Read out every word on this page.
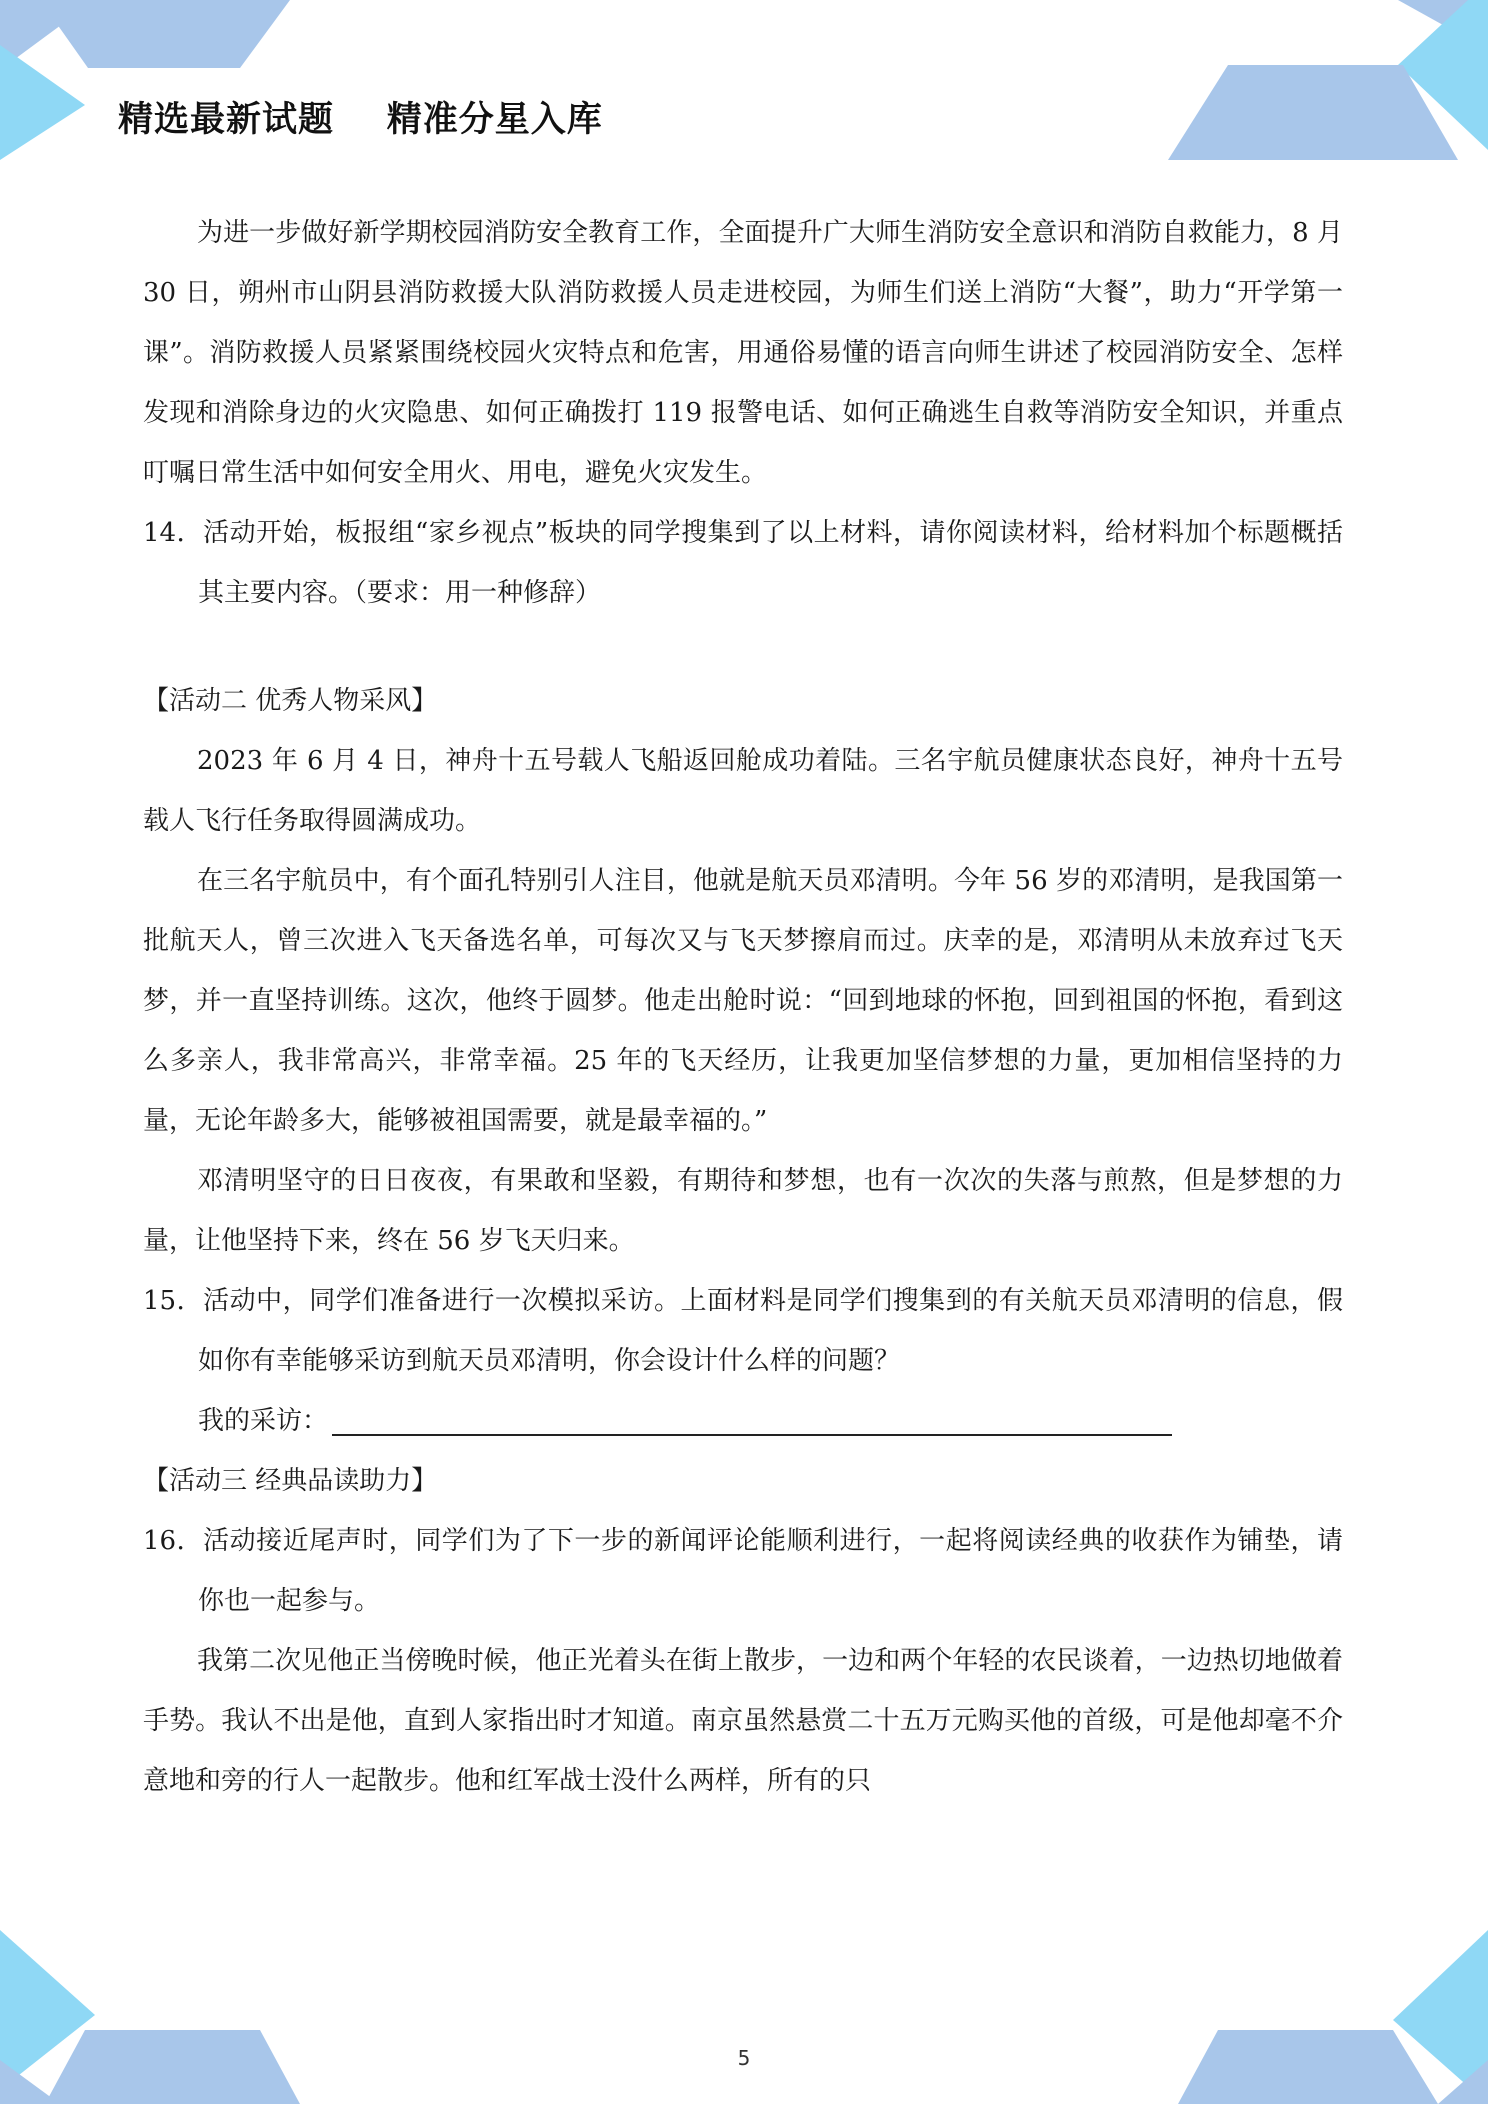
精选最新试题    精准分星入库

为进一步做好新学期校园消防安全教育工作，全面提升广大师生消防安全意识和消防自救能力，8 月 30 日，朔州市山阴县消防救援大队消防救援人员走进校园，为师生们送上消防“大餐”，助力“开学第一课”。消防救援人员紧紧围绕校园火灾特点和危害，用通俗易懂的语言向师生讲述了校园消防安全、怎样发现和消除身边的火灾隐患、如何正确拨打 119 报警电话、如何正确逃生自救等消防安全知识，并重点叮嘱日常生活中如何安全用火、用电，避免火灾发生。

14．活动开始，板报组“家乡视点”板块的同学搜集到了以上材料，请你阅读材料，给材料加个标题概括其主要内容。（要求：用一种修辞）

【活动二 优秀人物采风】

2023 年 6 月 4 日，神舟十五号载人飞船返回舱成功着陆。三名宇航员健康状态良好，神舟十五号载人飞行任务取得圆满成功。

在三名宇航员中，有个面孔特别引人注目，他就是航天员邓清明。今年 56 岁的邓清明，是我国第一批航天人，曾三次进入飞天备选名单，可每次又与飞天梦擦肩而过。庆幸的是，邓清明从未放弃过飞天梦，并一直坚持训练。这次，他终于圆梦。他走出舱时说：“回到地球的怀抱，回到祖国的怀抱，看到这么多亲人，我非常高兴，非常幸福。25 年的飞天经历，让我更加坚信梦想的力量，更加相信坚持的力量，无论年龄多大，能够被祖国需要，就是最幸福的。”

邓清明坚守的日日夜夜，有果敢和坚毅，有期待和梦想，也有一次次的失落与煎熬，但是梦想的力量，让他坚持下来，终在 56 岁飞天归来。

15．活动中，同学们准备进行一次模拟采访。上面材料是同学们搜集到的有关航天员邓清明的信息，假如你有幸能够采访到航天员邓清明，你会设计什么样的问题？

我的采访：

【活动三 经典品读助力】

16．活动接近尾声时，同学们为了下一步的新闻评论能顺利进行，一起将阅读经典的收获作为铺垫，请你也一起参与。

我第二次见他正当傍晚时候，他正光着头在街上散步，一边和两个年轻的农民谈着，一边热切地做着手势。我认不出是他，直到人家指出时才知道。南京虽然悬赏二十五万元购买他的首级，可是他却毫不介意地和旁的行人一起散步。他和红军战士没什么两样，所有的只

5
